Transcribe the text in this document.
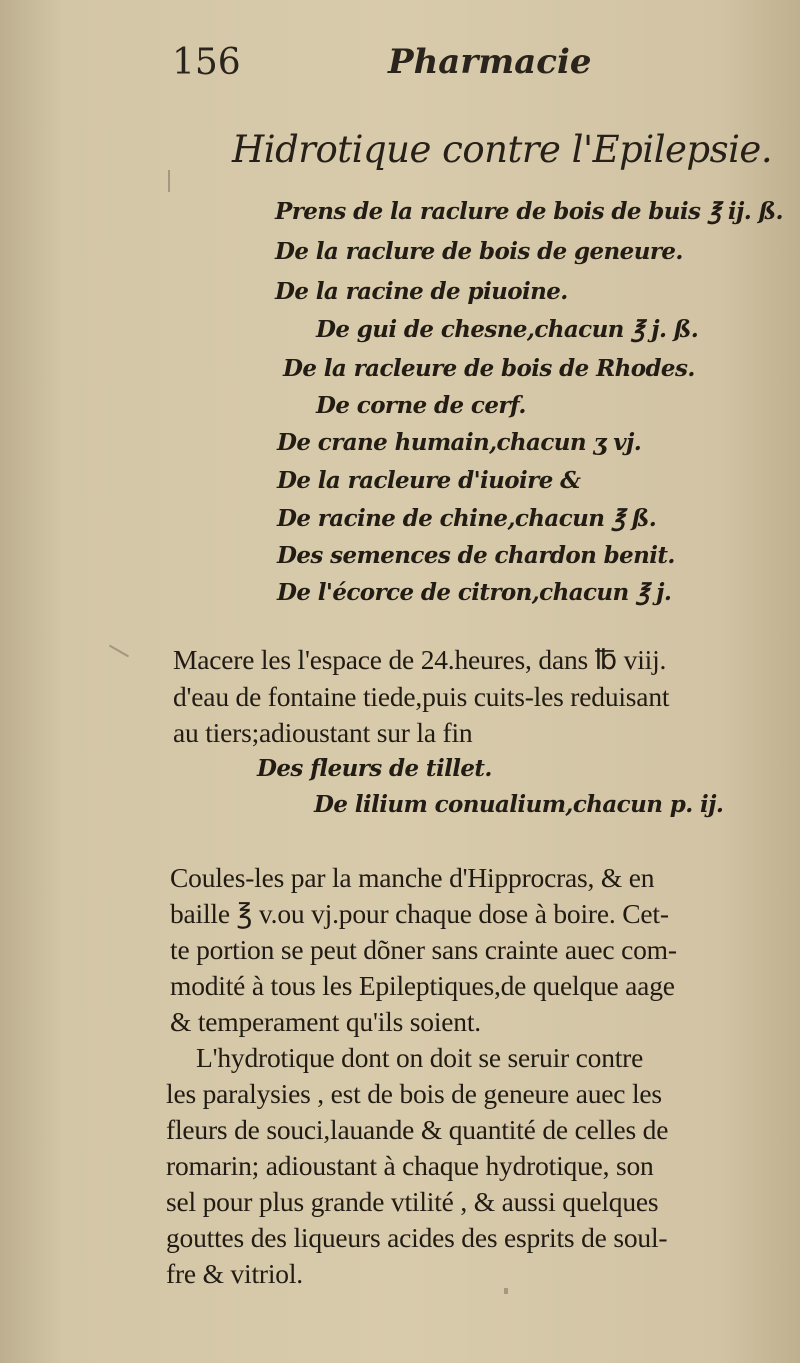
156	Pharmacie
Hidrotique contre l'Epilepsie.
Prens de la raclure de bois de buis ℥ ij. ß.
De la raclure de bois de geneure.
De la racine de piuoine.
De gui de chesne,chacun ℥ j. ß.
De la racleure de bois de Rhodes.
De corne de cerf.
De crane humain,chacun ʒ vj.
De la racleure d'iuoire &
De racine de chine,chacun ℥ ß.
Des semences de chardon benit.
De l'écorce de citron,chacun ℥ j.
Macere les l'espace de 24.heures, dans ℔ viij.
d'eau de fontaine tiede,puis cuits-les reduisant
au tiers;adioustant sur la fin
Des fleurs de tillet.
De lilium conualium,chacun p. ij.
Coules-les par la manche d'Hipprocras, & en
baille ℥ v.ou vj.pour chaque dose à boire. Cet-
te portion se peut dõner sans crainte auec com-
modité à tous les Epileptiques,de quelque aage
& temperament qu'ils soient.
L'hydrotique dont on doit se seruir contre
les paralysies , est de bois de geneure auec les
fleurs de souci,lauande & quantité de celles de
romarin; adioustant à chaque hydrotique, son
sel pour plus grande vtilité , & aussi quelques
gouttes des liqueurs acides des esprits de soul-
fre & vitriol.
